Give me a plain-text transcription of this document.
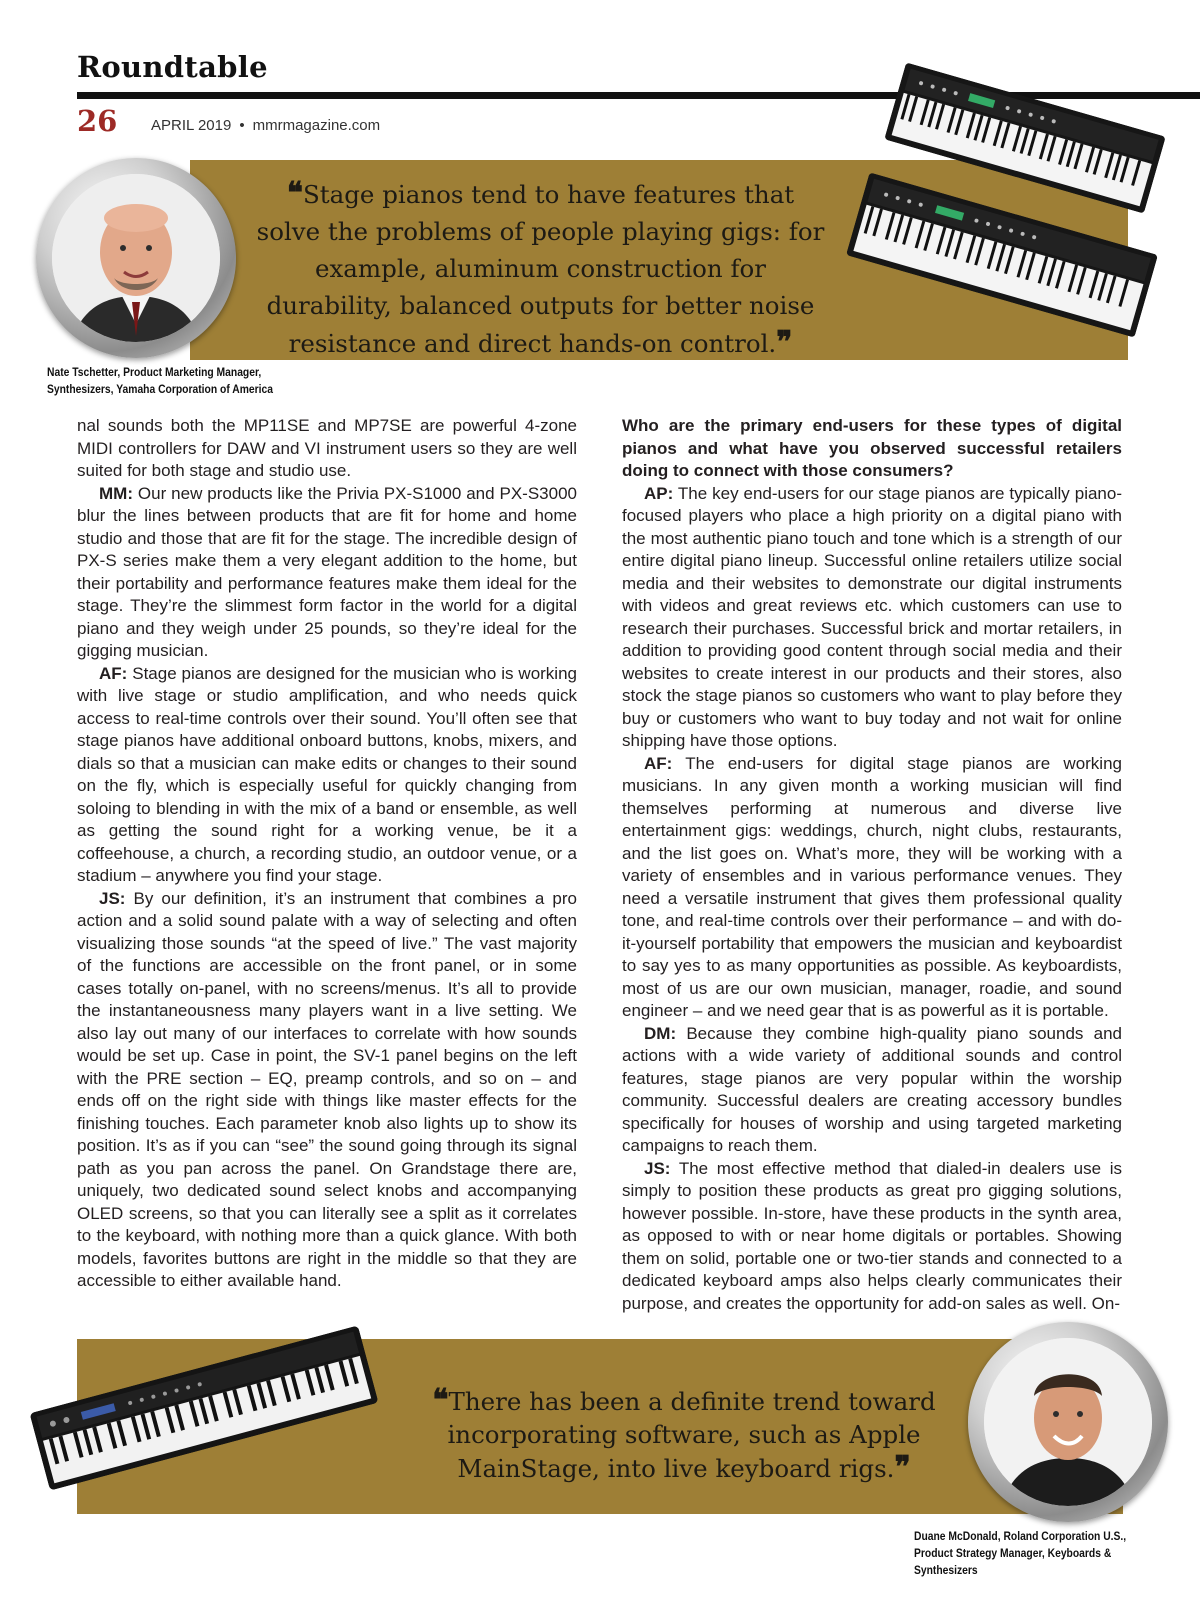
Roundtable
26 APRIL 2019 • mmrmagazine.com
❝Stage pianos tend to have features that solve the problems of people playing gigs: for example, aluminum construction for durability, balanced outputs for better noise resistance and direct hands-on control.❞
Nate Tschetter, Product Marketing Manager,
Synthesizers, Yamaha Corporation of America

nal sounds both the MP11SE and MP7SE are powerful 4-zone MIDI controllers for DAW and VI instrument users so they are well suited for both stage and studio use.

MM: Our new products like the Privia PX-S1000 and PX-S3000 blur the lines between products that are fit for home and home studio and those that are fit for the stage. The incredible design of PX-S series make them a very elegant addition to the home, but their portability and performance features make them ideal for the stage. They’re the slimmest form factor in the world for a digital piano and they weigh under 25 pounds, so they’re ideal for the gigging musician.

AF: Stage pianos are designed for the musician who is working with live stage or studio amplification, and who needs quick access to real-time controls over their sound. You’ll often see that stage pianos have additional onboard buttons, knobs, mixers, and dials so that a musician can make edits or changes to their sound on the fly, which is especially useful for quickly changing from soloing to blending in with the mix of a band or ensemble, as well as getting the sound right for a working venue, be it a coffeehouse, a church, a recording studio, an outdoor venue, or a stadium – anywhere you find your stage.

JS: By our definition, it’s an instrument that combines a pro action and a solid sound palate with a way of selecting and often visualizing those sounds “at the speed of live.” The vast majority of the functions are accessible on the front panel, or in some cases totally on-panel, with no screens/menus. It’s all to provide the instantaneousness many players want in a live setting. We also lay out many of our interfaces to correlate with how sounds would be set up. Case in point, the SV-1 panel begins on the left with the PRE section – EQ, preamp controls, and so on – and ends off on the right side with things like master effects for the finishing touches. Each parameter knob also lights up to show its position. It’s as if you can “see” the sound going through its signal path as you pan across the panel. On Grandstage there are, uniquely, two dedicated sound select knobs and accompanying OLED screens, so that you can literally see a split as it correlates to the keyboard, with nothing more than a quick glance. With both models, favorites buttons are right in the middle so that they are accessible to either available hand.

Who are the primary end-users for these types of digital pianos and what have you observed successful retailers doing to connect with those consumers?

AP: The key end-users for our stage pianos are typically piano-focused players who place a high priority on a digital piano with the most authentic piano touch and tone which is a strength of our entire digital piano lineup. Successful online retailers utilize social media and their websites to demonstrate our digital instruments with videos and great reviews etc. which customers can use to research their purchases. Successful brick and mortar retailers, in addition to providing good content through social media and their websites to create interest in our products and their stores, also stock the stage pianos so customers who want to play before they buy or customers who want to buy today and not wait for online shipping have those options.

AF: The end-users for digital stage pianos are working musicians. In any given month a working musician will find themselves performing at numerous and diverse live entertainment gigs: weddings, church, night clubs, restaurants, and the list goes on. What’s more, they will be working with a variety of ensembles and in various performance venues. They need a versatile instrument that gives them professional quality tone, and real-time controls over their performance – and with do-it-yourself portability that empowers the musician and keyboardist to say yes to as many opportunities as possible. As keyboardists, most of us are our own musician, manager, roadie, and sound engineer – and we need gear that is as powerful as it is portable.

DM: Because they combine high-quality piano sounds and actions with a wide variety of additional sounds and control features, stage pianos are very popular within the worship community. Successful dealers are creating accessory bundles specifically for houses of worship and using targeted marketing campaigns to reach them.

JS: The most effective method that dialed-in dealers use is simply to position these products as great pro gigging solutions, however possible. In-store, have these products in the synth area, as opposed to with or near home digitals or portables. Showing them on solid, portable one or two-tier stands and connected to a dedicated keyboard amps also helps clearly communicates their purpose, and creates the opportunity for add-on sales as well. On-

❝There has been a definite trend toward incorporating software, such as Apple MainStage, into live keyboard rigs.❞
Duane McDonald, Roland Corporation U.S.,
Product Strategy Manager, Keyboards & Synthesizers
